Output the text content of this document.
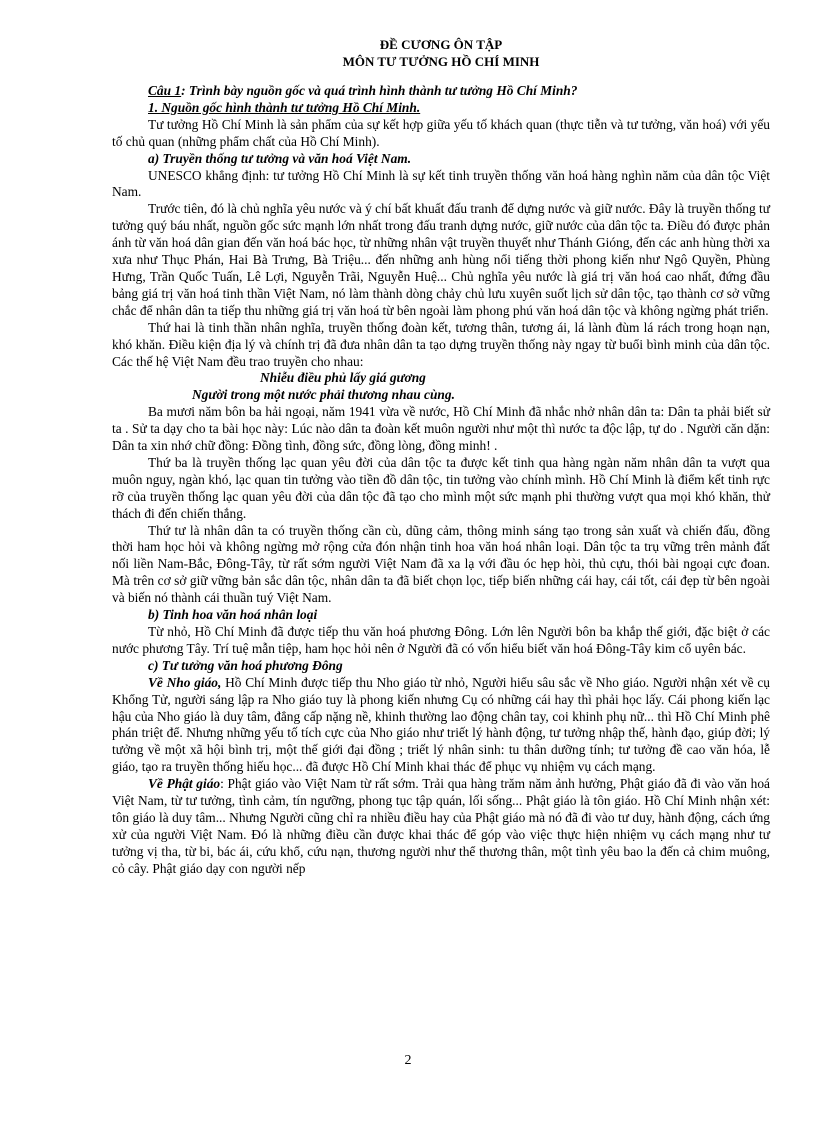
ĐỀ CƯƠNG ÔN TẬP
MÔN TƯ TƯỞNG HỒ CHÍ MINH

Câu 1: Trình bày nguồn gốc và quá trình hình thành tư tưởng Hồ Chí Minh?

1. Nguồn gốc hình thành tư tưởng Hồ Chí Minh.

Tư tưởng Hồ Chí Minh là sản phẩm của sự kết hợp giữa yếu tố khách quan (thực tiễn và tư tưởng, văn hoá) với yếu tố chủ quan (những phẩm chất của Hồ Chí Minh).

a) Truyền thống tư tưởng và văn hoá Việt Nam.

UNESCO khẳng định: tư tưởng Hồ Chí Minh là sự kết tinh truyền thống văn hoá hàng nghìn năm của dân tộc Việt Nam.

Trước tiên, đó là chủ nghĩa yêu nước và ý chí bất khuất đấu tranh để dựng nước và giữ nước. Đây là truyền thống tư tưởng quý báu nhất, nguồn gốc sức mạnh lớn nhất trong đấu tranh dựng nước, giữ nước của dân tộc ta. Điều đó được phản ánh từ văn hoá dân gian đến văn hoá bác học, từ những nhân vật truyền thuyết như Thánh Gióng, đến các anh hùng thời xa xưa như Thục Phán, Hai Bà Trưng, Bà Triệu... đến những anh hùng nổi tiếng thời phong kiến như Ngô Quyền, Phùng Hưng, Trần Quốc Tuấn, Lê Lợi, Nguyễn Trãi, Nguyễn Huệ... Chủ nghĩa yêu nước là giá trị văn hoá cao nhất, đứng đầu bảng giá trị văn hoá tinh thần Việt Nam, nó làm thành dòng chảy chủ lưu xuyên suốt lịch sử dân tộc, tạo thành cơ sở vững chắc để nhân dân ta tiếp thu những giá trị văn hoá từ bên ngoài làm phong phú văn hoá dân tộc và không ngừng phát triển.

Thứ hai là tinh thần nhân nghĩa, truyền thống đoàn kết, tương thân, tương ái, lá lành đùm lá rách trong hoạn nạn, khó khăn. Điều kiện địa lý và chính trị đã đưa nhân dân ta tạo dựng truyền thống này ngay từ buổi bình minh của dân tộc. Các thế hệ Việt Nam đều trao truyền cho nhau:

Nhiễu điều phủ lấy giá gương

Người trong một nước phải thương nhau cùng.

Ba mươi năm bôn ba hải ngoại, năm 1941 vừa về nước, Hồ Chí Minh đã nhắc nhở nhân dân ta: Dân ta phải biết sử ta . Sử ta dạy cho ta bài học này: Lúc nào dân ta đoàn kết muôn người như một thì nước ta độc lập, tự do . Người căn dặn: Dân ta xin nhớ chữ đồng: Đồng tình, đồng sức, đồng lòng, đồng minh! .

Thứ ba là truyền thống lạc quan yêu đời của dân tộc ta được kết tinh qua hàng ngàn năm nhân dân ta vượt qua muôn nguy, ngàn khó, lạc quan tin tưởng vào tiền đồ dân tộc, tin tưởng vào chính mình. Hồ Chí Minh là điểm kết tinh rực rỡ của truyền thống lạc quan yêu đời của dân tộc đã tạo cho mình một sức mạnh phi thường vượt qua mọi khó khăn, thử thách đi đến chiến thắng.

Thứ tư là nhân dân ta có truyền thống cần cù, dũng cảm, thông minh sáng tạo trong sản xuất và chiến đấu, đồng thời ham học hỏi và không ngừng mở rộng cửa đón nhận tinh hoa văn hoá nhân loại. Dân tộc ta trụ vững trên mảnh đất nối liền Nam-Bắc, Đông-Tây, từ rất sớm người Việt Nam đã xa lạ với đầu óc hẹp hòi, thủ cựu, thói bài ngoại cực đoan. Mà trên cơ sở giữ vững bản sắc dân tộc, nhân dân ta đã biết chọn lọc, tiếp biến những cái hay, cái tốt, cái đẹp từ bên ngoài và biến nó thành cái thuần tuý Việt Nam.

b) Tinh hoa văn hoá nhân loại

Từ nhỏ, Hồ Chí Minh đã được tiếp thu văn hoá phương Đông. Lớn lên Người bôn ba khắp thế giới, đặc biệt ở các nước phương Tây. Trí tuệ mẫn tiệp, ham học hỏi nên ở Người đã có vốn hiểu biết văn hoá Đông-Tây kim cổ uyên bác.

c) Tư tưởng văn hoá phương Đông

Về Nho giáo, Hồ Chí Minh được tiếp thu Nho giáo từ nhỏ, Người hiểu sâu sắc về Nho giáo. Người nhận xét về cụ Khổng Tử, người sáng lập ra Nho giáo tuy là phong kiến nhưng Cụ có những cái hay thì phải học lấy. Cái phong kiến lạc hậu của Nho giáo là duy tâm, đẳng cấp nặng nề, khinh thường lao động chân tay, coi khinh phụ nữ... thì Hồ Chí Minh phê phán triệt để. Nhưng những yếu tố tích cực của Nho giáo như triết lý hành động, tư tưởng nhập thế, hành đạo, giúp đời; lý tưởng về một xã hội bình trị, một thế giới đại đồng ; triết lý nhân sinh: tu thân dưỡng tính; tư tưởng đề cao văn hóa, lễ giáo, tạo ra truyền thống hiếu học... đã được Hồ Chí Minh khai thác để phục vụ nhiệm vụ cách mạng.

Về Phật giáo: Phật giáo vào Việt Nam từ rất sớm. Trải qua hàng trăm năm ảnh hưởng, Phật giáo đã đi vào văn hoá Việt Nam, từ tư tưởng, tình cảm, tín ngưỡng, phong tục tập quán, lối sống... Phật giáo là tôn giáo. Hồ Chí Minh nhận xét: tôn giáo là duy tâm... Nhưng Người cũng chỉ ra nhiều điều hay của Phật giáo mà nó đã đi vào tư duy, hành động, cách ứng xử của người Việt Nam. Đó là những điều cần được khai thác để góp vào việc thực hiện nhiệm vụ cách mạng như tư tưởng vị tha, từ bi, bác ái, cứu khổ, cứu nạn, thương người như thể thương thân, một tình yêu bao la đến cả chim muông, cỏ cây. Phật giáo dạy con người nếp

2
